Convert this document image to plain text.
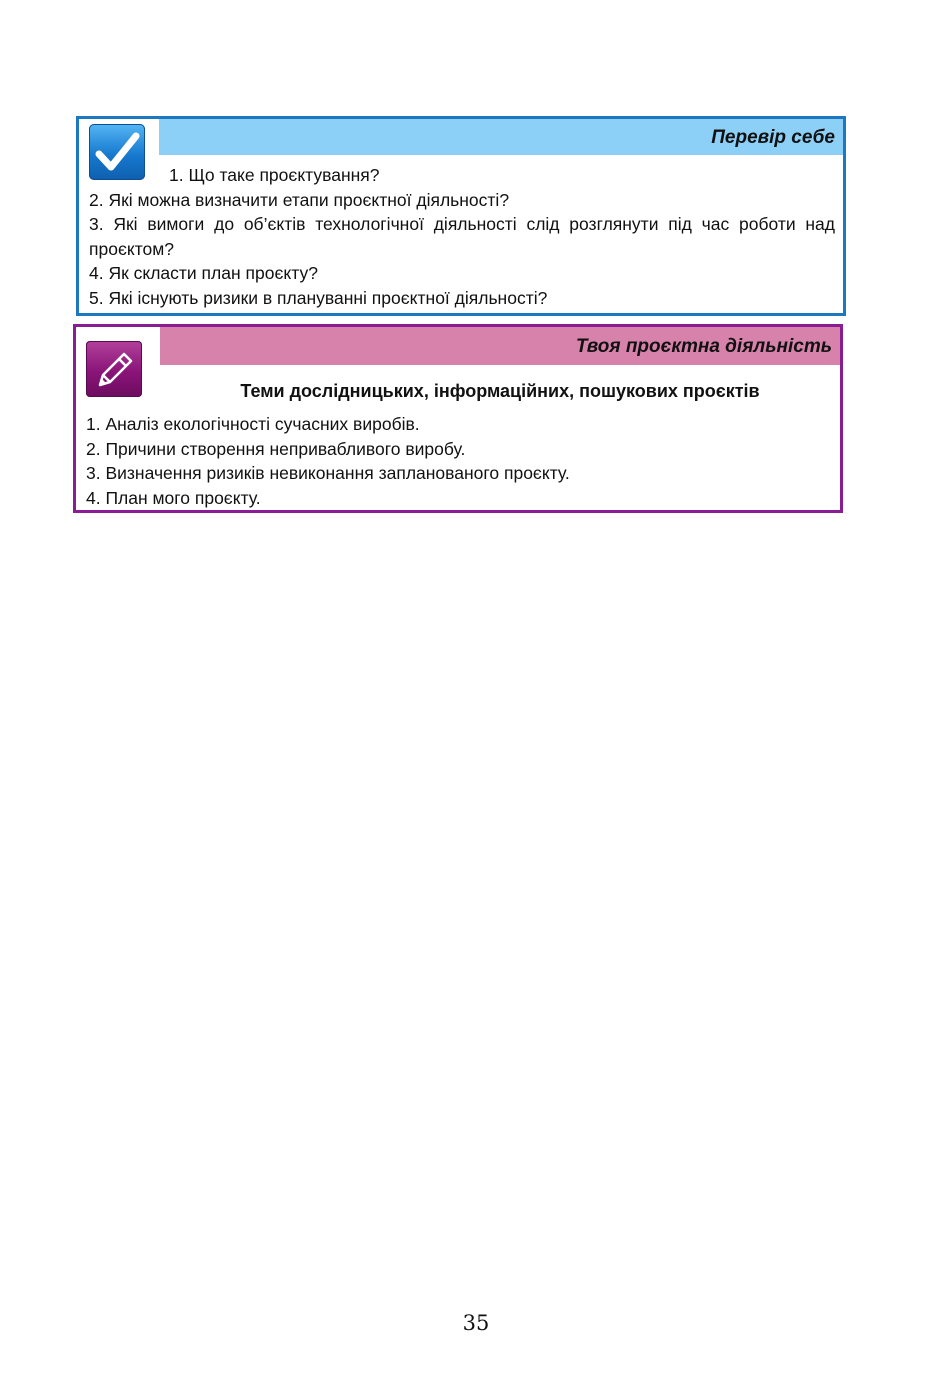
Перевір себе
1. Що таке проєктування?
2. Які можна визначити етапи проєктної діяльності?
3. Які вимоги до об’єктів технологічної діяльності слід розглянути під час роботи над проєктом?
4. Як скласти план проєкту?
5. Які існують ризики в плануванні проєктної діяльності?
Твоя проєктна діяльність
Теми дослідницьких, інформаційних, пошукових проєктів
1. Аналіз екологічності сучасних виробів.
2. Причини створення непривабливого виробу.
3. Визначення ризиків невиконання запланованого проєкту.
4. План мого проєкту.
35
